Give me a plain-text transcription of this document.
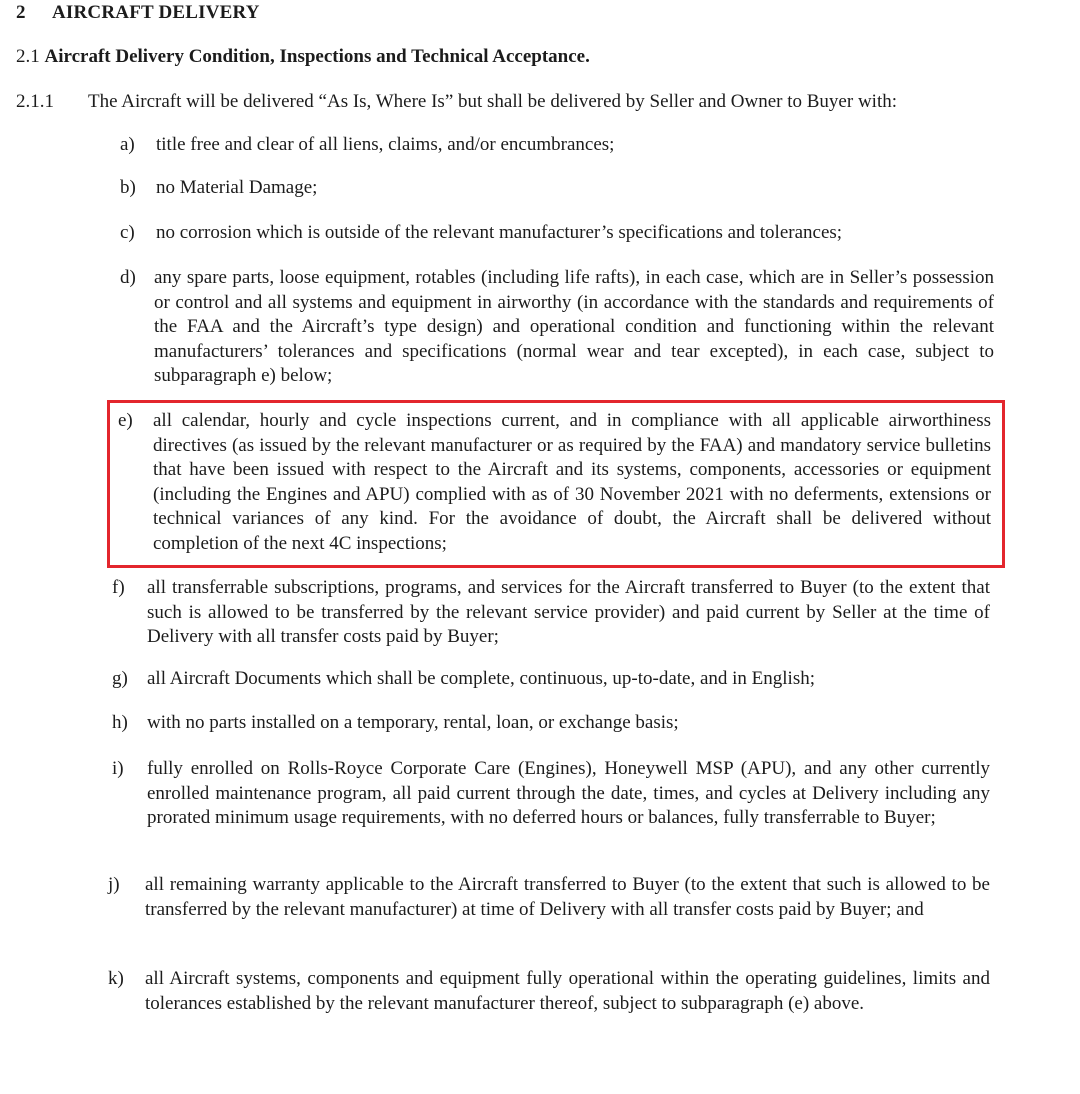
2 AIRCRAFT DELIVERY
2.1 Aircraft Delivery Condition, Inspections and Technical Acceptance.
2.1.1 The Aircraft will be delivered “As Is, Where Is” but shall be delivered by Seller and Owner to Buyer with:
a) title free and clear of all liens, claims, and/or encumbrances;
b) no Material Damage;
c) no corrosion which is outside of the relevant manufacturer’s specifications and tolerances;
d) any spare parts, loose equipment, rotables (including life rafts), in each case, which are in Seller’s possession or control and all systems and equipment in airworthy (in accordance with the standards and requirements of the FAA and the Aircraft’s type design) and operational condition and functioning within the relevant manufacturers’ tolerances and specifications (normal wear and tear excepted), in each case, subject to subparagraph e) below;
e) all calendar, hourly and cycle inspections current, and in compliance with all applicable airworthiness directives (as issued by the relevant manufacturer or as required by the FAA) and mandatory service bulletins that have been issued with respect to the Aircraft and its systems, components, accessories or equipment (including the Engines and APU) complied with as of 30 November 2021 with no deferments, extensions or technical variances of any kind. For the avoidance of doubt, the Aircraft shall be delivered without completion of the next 4C inspections;
f) all transferrable subscriptions, programs, and services for the Aircraft transferred to Buyer (to the extent that such is allowed to be transferred by the relevant service provider) and paid current by Seller at the time of Delivery with all transfer costs paid by Buyer;
g) all Aircraft Documents which shall be complete, continuous, up-to-date, and in English;
h) with no parts installed on a temporary, rental, loan, or exchange basis;
i) fully enrolled on Rolls-Royce Corporate Care (Engines), Honeywell MSP (APU), and any other currently enrolled maintenance program, all paid current through the date, times, and cycles at Delivery including any prorated minimum usage requirements, with no deferred hours or balances, fully transferrable to Buyer;
j) all remaining warranty applicable to the Aircraft transferred to Buyer (to the extent that such is allowed to be transferred by the relevant manufacturer) at time of Delivery with all transfer costs paid by Buyer; and
k) all Aircraft systems, components and equipment fully operational within the operating guidelines, limits and tolerances established by the relevant manufacturer thereof, subject to subparagraph (e) above.
